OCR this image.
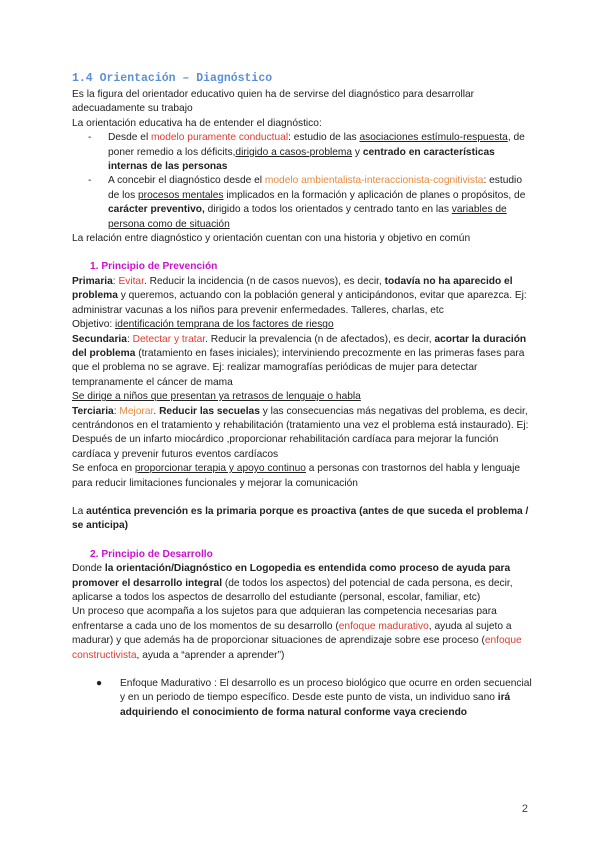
1.4 Orientación – Diagnóstico

Es la figura del orientador educativo quien ha de servirse del diagnóstico para desarrollar adecuadamente su trabajo

La orientación educativa ha de entender el diagnóstico:

- Desde el modelo puramente conductual: estudio de las asociaciones estímulo-respuesta, de poner remedio a los déficits,dirigido a casos-problema y centrado en características internas de las personas
- A concebir el diagnóstico desde el modelo ambientalista-interaccionista-cognitivista: estudio de los procesos mentales implicados en la formación y aplicación de planes o propósitos, de carácter preventivo, dirigido a todos los orientados y centrado tanto en las variables de persona como de situación

La relación entre diagnóstico y orientación cuentan con una historia y objetivo en común

1. Principio de Prevención

Primaria: Evitar. Reducir la incidencia (n de casos nuevos), es decir, todavía no ha aparecido el problema y queremos, actuando con la población general y anticipándonos, evitar que aparezca. Ej: administrar vacunas a los niños para prevenir enfermedades. Talleres, charlas, etc

Objetivo: identificación temprana de los factores de riesgo

Secundaria: Detectar y tratar. Reducir la prevalencia (n de afectados), es decir, acortar la duración del problema (tratamiento en fases iniciales); interviniendo precozmente en las primeras fases para que el problema no se agrave. Ej: realizar mamografías periódicas de mujer para detectar tempranamente el cáncer de mama

Se dirige a niños que presentan ya retrasos de lenguaje o habla

Terciaria: Mejorar. Reducir las secuelas y las consecuencias más negativas del problema, es decir, centrándonos en el tratamiento y rehabilitación (tratamiento una vez el problema está instaurado). Ej: Después de un infarto miocárdico ,proporcionar rehabilitación cardíaca para mejorar la función cardíaca y prevenir futuros eventos cardíacos

Se enfoca en proporcionar terapia y apoyo continuo a personas con trastornos del habla y lenguaje para reducir limitaciones funcionales y mejorar la comunicación

La auténtica prevención es la primaria porque es proactiva (antes de que suceda el problema / se anticipa)

2. Principio de Desarrollo

Donde la orientación/Diagnóstico en Logopedia es entendida como proceso de ayuda para promover el desarrollo integral (de todos los aspectos) del potencial de cada persona, es decir, aplicarse a todos los aspectos de desarrollo del estudiante (personal, escolar, familiar, etc)

Un proceso que acompaña a los sujetos para que adquieran las competencia necesarias para enfrentarse a cada uno de los momentos de su desarrollo (enfoque madurativo, ayuda al sujeto a madurar) y que además ha de proporcionar situaciones de aprendizaje sobre ese proceso (enfoque constructivista, ayuda a “aprender a aprender”)

● Enfoque Madurativo : El desarrollo es un proceso biológico que ocurre en orden secuencial y en un periodo de tiempo específico. Desde este punto de vista, un individuo sano irá adquiriendo el conocimiento de forma natural conforme vaya creciendo
2
